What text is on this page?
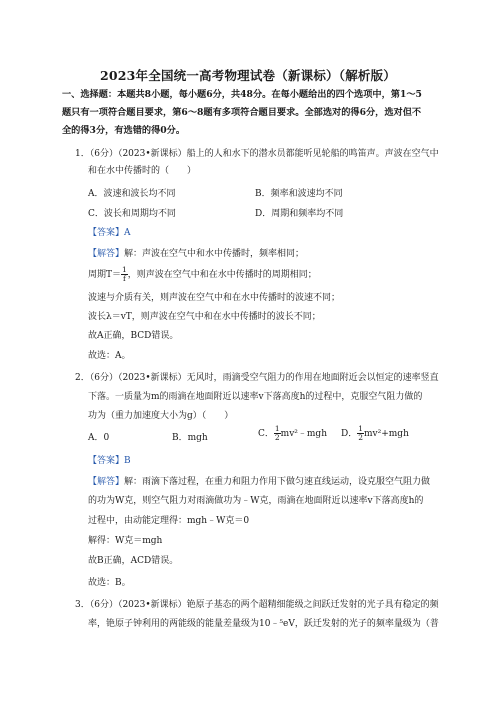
2023年全国统一高考物理试卷（新课标）（解析版）
一、选择题：本题共8小题，每小题6分，共48分。在每小题给出的四个选项中，第1～5
题只有一项符合题目要求，第6～8题有多项符合题目要求。全部选对的得6分，选对但不
全的得3分，有选错的得0分。
1．（6分）（2023•新课标）船上的人和水下的潜水员都能听见轮船的鸣笛声。声波在空气中
和在水中传播时的（　　）
A．波速和波长均不同	B．频率和波速均不同
C．波长和周期均不同	D．周期和频率均不同
【答案】A
【解答】解：声波在空气中和水中传播时，频率相同；
周期$T= \frac{1}{f}$ ，则声波在空气中和在水中传播时的周期相同；
波速与介质有关，则声波在空气中和在水中传播时的波速不同；
波长λ＝vT，则声波在空气中和在水中传播时的波长不同；
故A正确，BCD错误。
故选：A。
2．（6分）（2023•新课标）无风时，雨滴受空气阻力的作用在地面附近会以恒定的速率竖直
下落。一质量为m的雨滴在地面附近以速率v下落高度h的过程中，克服空气阻力做的
功为（重力加速度大小为g）（　　）
A．0	B．mgh	C． $\frac{1}{2}$ mv²﹣mgh D． $\frac{1}{2} mv^2+mgh$
【答案】B
【解答】解：雨滴下落过程，在重力和阻力作用下做匀速直线运动，设克服空气阻力做
的功为W克，则空气阻力对雨滴做功为﹣W克，雨滴在地面附近以速率v下落高度h的
过程中，由动能定理得：mgh﹣W克＝0
解得：W克＝mgh
故B正确，ACD错误。
故选：B。
3．（6分）（2023•新课标）铯原子基态的两个超精细能级之间跃迁发射的光子具有稳定的频
率，铯原子钟利用的两能级的能量差量级为10﹣⁵eV，跃迁发射的光子的频率量级为（普
